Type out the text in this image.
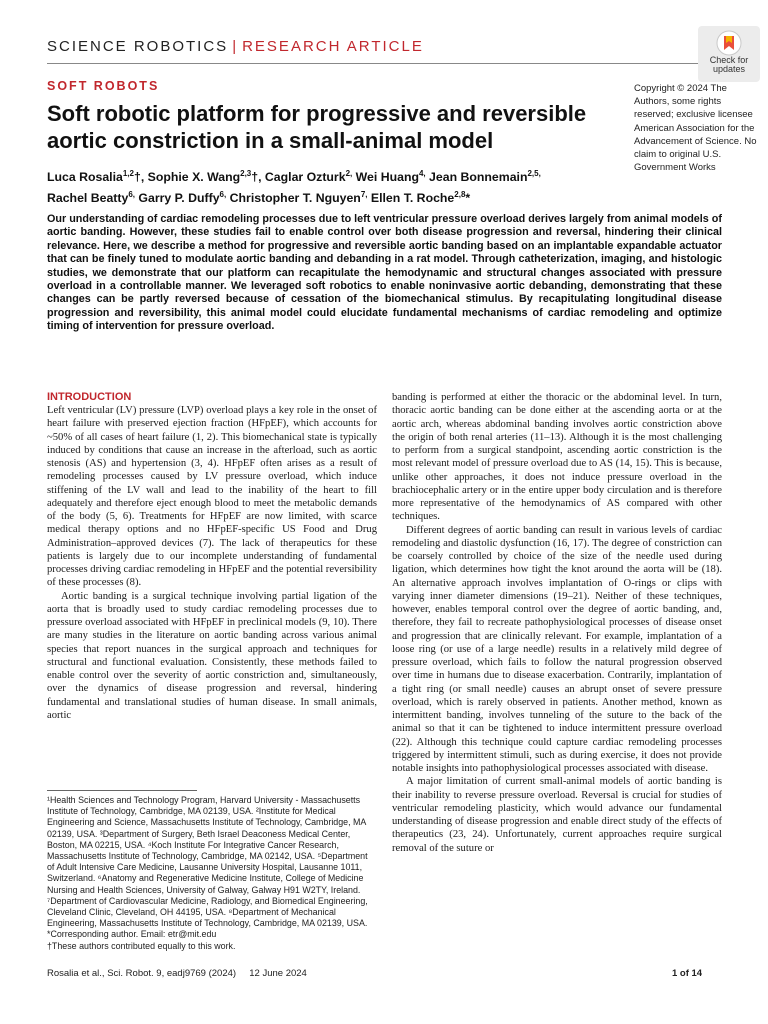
SCIENCE ROBOTICS | RESEARCH ARTICLE
Check for
updates
SOFT ROBOTS
Soft robotic platform for progressive and reversible aortic constriction in a small-animal model
Luca Rosalia$^{1,2}$†, Sophie X. Wang$^{2,3}$†, Caglar Ozturk$^{2,}$ Wei Huang$^{4,}$ Jean Bonnemain$^{2,5,}$
Rachel Beatty$^{6,}$ Garry P. Duffy$^{6,}$ Christopher T. Nguyen$^{7,}$ Ellen T. Roche$^{2,8}$*
Copyright © 2024 The Authors, some rights reserved; exclusive licensee American Association for the Advancement of Science. No claim to original U.S. Government Works

Our understanding of cardiac remodeling processes due to left ventricular pressure overload derives largely from animal models of aortic banding. However, these studies fail to enable control over both disease progression and reversal, hindering their clinical relevance. Here, we describe a method for progressive and reversible aortic banding based on an implantable expandable actuator that can be finely tuned to modulate aortic banding and debanding in a rat model. Through catheterization, imaging, and histologic studies, we demonstrate that our platform can recapitulate the hemodynamic and structural changes associated with pressure overload in a controllable manner. We leveraged soft robotics to enable noninvasive aortic debanding, demonstrating that these changes can be partly reversed because of cessation of the biomechanical stimulus. By recapitulating longitudinal disease progression and reversibility, this animal model could elucidate fundamental mechanisms of cardiac remodeling and optimize timing of intervention for pressure overload.

INTRODUCTION

Left ventricular (LV) pressure (LVP) overload plays a key role in the onset of heart failure with preserved ejection fraction (HFpEF), which accounts for ~50% of all cases of heart failure (1, 2). This biomechanical state is typically induced by conditions that cause an increase in the afterload, such as aortic stenosis (AS) and hypertension (3, 4). HFpEF often arises as a result of remodeling processes caused by LV pressure overload, which induce stiffening of the LV wall and lead to the inability of the heart to fill adequately and therefore eject enough blood to meet the metabolic demands of the body (5, 6). Treatments for HFpEF are now limited, with scarce medical therapy options and no HFpEF-specific US Food and Drug Administration–approved devices (7). The lack of therapeutics for these patients is largely due to our incomplete understanding of fundamental processes driving cardiac remodeling in HFpEF and the potential reversibility of these processes (8).

Aortic banding is a surgical technique involving partial ligation of the aorta that is broadly used to study cardiac remodeling processes due to pressure overload associated with HFpEF in preclinical models (9, 10). There are many studies in the literature on aortic banding across various animal species that report nuances in the surgical approach and techniques for structural and functional evaluation. Consistently, these methods failed to enable control over the severity of aortic constriction and, simultaneously, over the dynamics of disease progression and reversal, hindering fundamental and translational studies of human disease. In small animals, aortic

banding is performed at either the thoracic or the abdominal level. In turn, thoracic aortic banding can be done either at the ascending aorta or at the aortic arch, whereas abdominal banding involves aortic constriction above the origin of both renal arteries (11–13). Although it is the most challenging to perform from a surgical standpoint, ascending aortic constriction is the most relevant model of pressure overload due to AS (14, 15). This is because, unlike other approaches, it does not induce pressure overload in the brachiocephalic artery or in the entire upper body circulation and is therefore more representative of the hemodynamics of AS compared with other techniques.

Different degrees of aortic banding can result in various levels of cardiac remodeling and diastolic dysfunction (16, 17). The degree of constriction can be coarsely controlled by choice of the size of the needle used during ligation, which determines how tight the knot around the aorta will be (18). An alternative approach involves implantation of O-rings or clips with varying inner diameter dimensions (19–21). Neither of these techniques, however, enables temporal control over the degree of aortic banding, and, therefore, they fail to recreate pathophysiological processes of disease onset and progression that are clinically relevant. For example, implantation of a loose ring (or use of a large needle) results in a relatively mild degree of pressure overload, which fails to follow the natural progression observed over time in humans due to disease exacerbation. Contrarily, implantation of a tight ring (or small needle) causes an abrupt onset of severe pressure overload, which is rarely observed in patients. Another method, known as intermittent banding, involves tunneling of the suture to the back of the animal so that it can be tightened to induce intermittent pressure overload (22). Although this technique could capture cardiac remodeling processes triggered by intermittent stimuli, such as during exercise, it does not provide notable insights into pathophysiological processes associated with disease.

A major limitation of current small-animal models of aortic banding is their inability to reverse pressure overload. Reversal is crucial for studies of ventricular remodeling plasticity, which would advance our fundamental understanding of disease progression and enable direct study of the effects of therapeutics (23, 24). Unfortunately, current approaches require surgical removal of the suture or

¹Health Sciences and Technology Program, Harvard University - Massachusetts Institute of Technology, Cambridge, MA 02139, USA. ²Institute for Medical Engineering and Science, Massachusetts Institute of Technology, Cambridge, MA 02139, USA. ³Department of Surgery, Beth Israel Deaconess Medical Center, Boston, MA 02215, USA. ⁴Koch Institute For Integrative Cancer Research, Massachusetts Institute of Technology, Cambridge, MA 02142, USA. ⁵Department of Adult Intensive Care Medicine, Lausanne University Hospital, Lausanne 1011, Switzerland. ⁶Anatomy and Regenerative Medicine Institute, College of Medicine Nursing and Health Sciences, University of Galway, Galway H91 W2TY, Ireland. ⁷Department of Cardiovascular Medicine, Radiology, and Biomedical Engineering, Cleveland Clinic, Cleveland, OH 44195, USA. ⁸Department of Mechanical Engineering, Massachusetts Institute of Technology, Cambridge, MA 02139, USA.
*Corresponding author. Email: etr@mit.edu
†These authors contributed equally to this work.
Rosalia et al., Sci. Robot. 9, eadj9769 (2024)     12 June 2024	1 of 14
